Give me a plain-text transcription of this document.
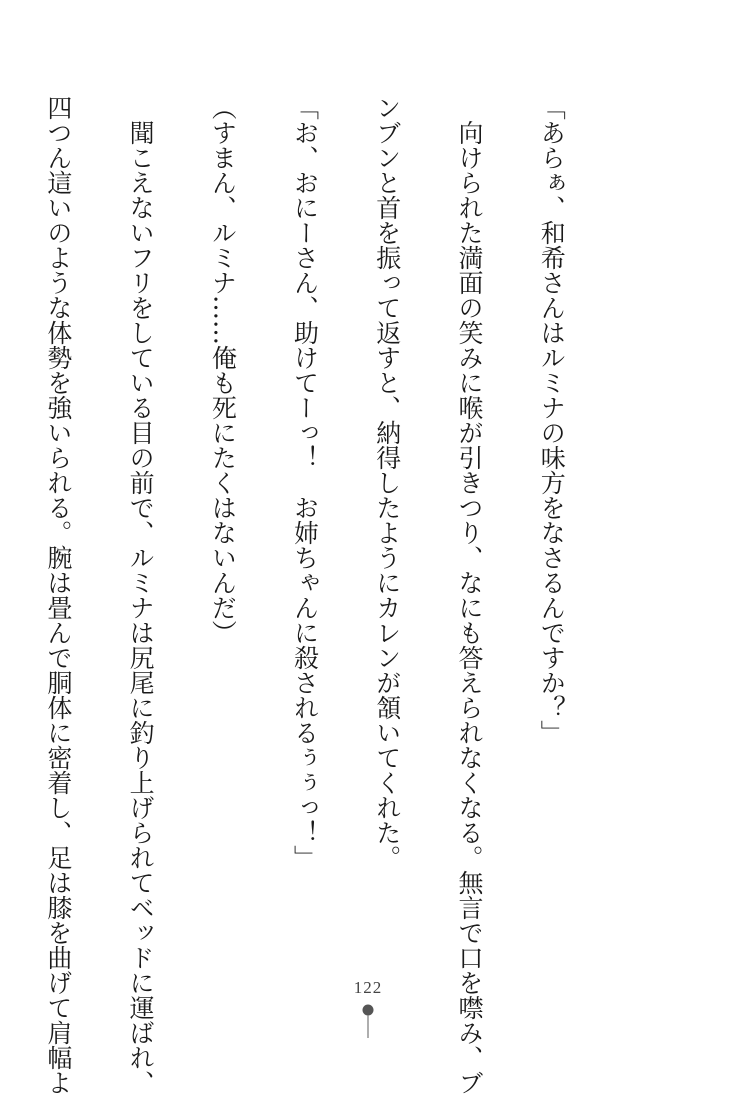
「あらぁ、和希さんはルミナの味方をなさるんですか？」

　向けられた満面の笑みに喉が引きつり、なにも答えられなくなる。無言で口を噤み、ブ

ンブンと首を振って返すと、納得したようにカレンが頷いてくれた。

「お、おにーさん、助けてーっ！　お姉ちゃんに殺されるぅぅっ！」

（すまん、ルミナ……俺も死にたくはないんだ）

　聞こえないフリをしている目の前で、ルミナは尻尾に釣り上げられてベッドに運ばれ、

四つん這いのような体勢を強いられる。腕は畳んで胴体に密着し、足は膝を曲げて肩幅よ

	122
